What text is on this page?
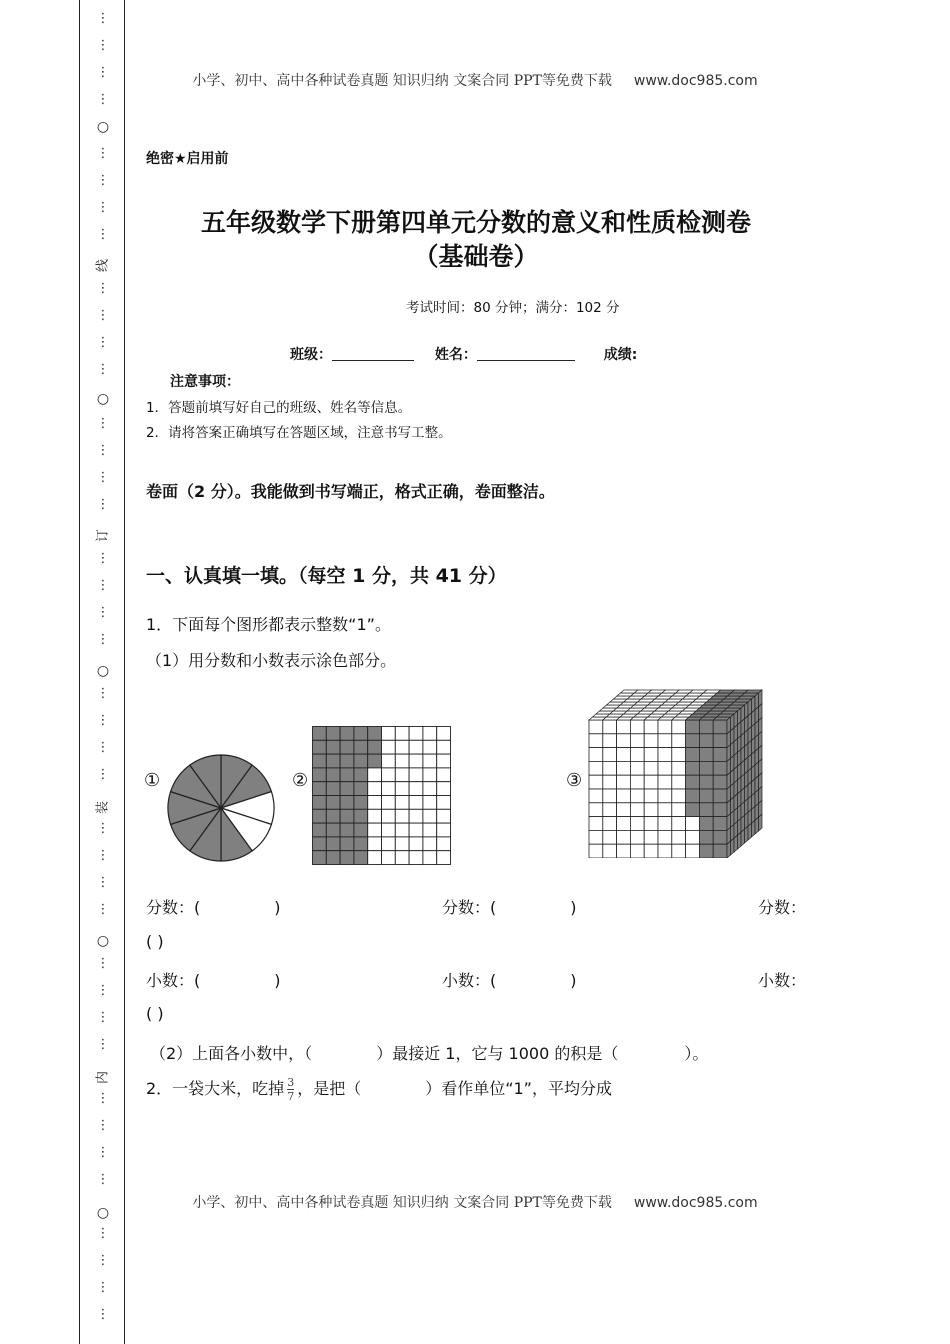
⋮
⋮
⋮
⋮
⋮
⋮
⋮
⋮
⋮
⋮
⋮
⋮
⋮
⋮
⋮
⋮
⋮
⋮
⋮
⋮
⋮
⋮
⋮
⋮
⋮
⋮
⋮
⋮
⋮
⋮
⋮
⋮
⋮
⋮
⋮
⋮
⋮
⋮
⋮
⋮
○
○
○
○
○
线
订
装
内
小学、初中、高中各种试卷真题 知识归纳 文案合同 PPT等免费下载 www.doc985.com
绝密★启用前
五年级数学下册第四单元分数的意义和性质检测卷
（基础卷）
考试时间：80 分钟；满分：102 分
班级：	姓名：	成绩:
注意事项：
1．答题前填写好自己的班级、姓名等信息。
2．请将答案正确填写在答题区域，注意书写工整。
卷面（2 分）。我能做到书写端正，格式正确，卷面整洁。
一、认真填一填。（每空 1 分，共 41 分）
1．下面每个图形都表示整数“1”。
（1）用分数和小数表示涂色部分。
①	②	③
分数：(	)	分数：(	)	分数：
( )
小数：(	)	小数：(	)	小数：
( )
（2）上面各小数中，（	）最接近 1，它与 1000 的积是（	）。
2．一袋大米，吃掉 $\frac{3}{7}$ ，是把（	）看作单位“1”，平均分成
小学、初中、高中各种试卷真题 知识归纳 文案合同 PPT等免费下载 www.doc985.com
